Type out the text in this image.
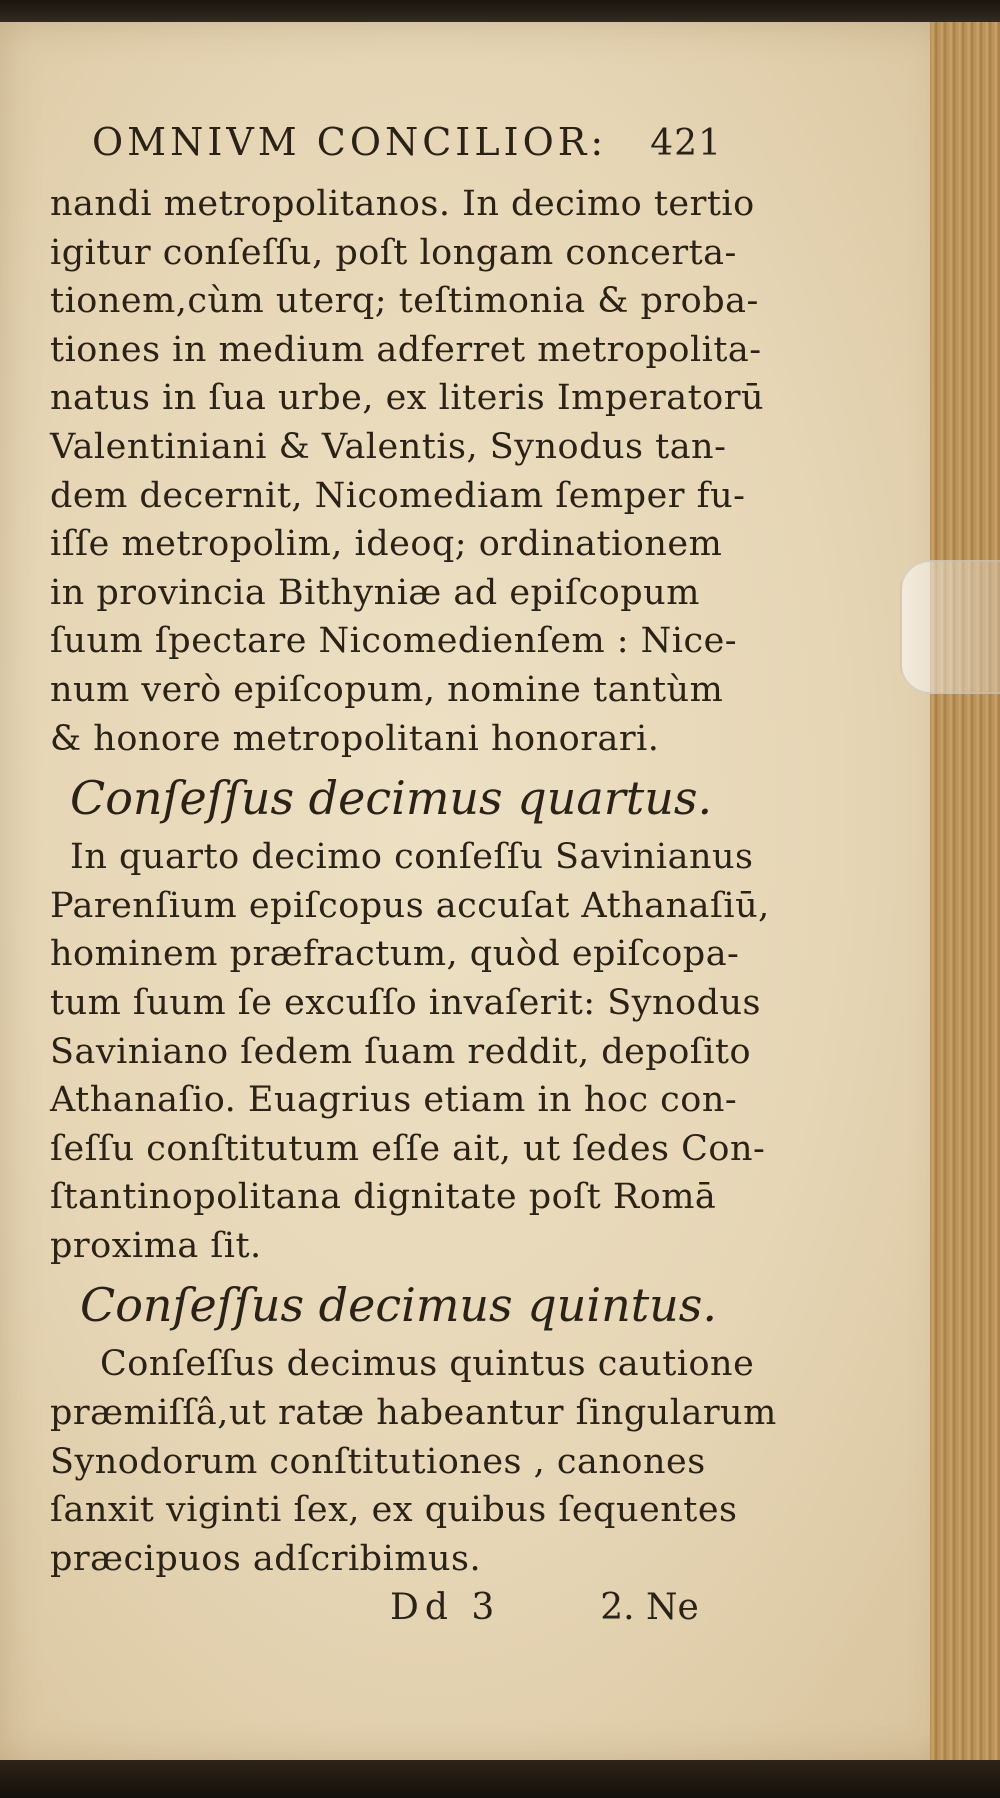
OMNIVM CONCILIOR: 421

nandi metropolitanos. In decimo tertio

igitur conſeſſu, poſt longam concerta-

tionem,cùm uterq; teſtimonia & proba-

tiones in medium adferret metropolita-

natus in ſua urbe, ex literis Imperatorū

Valentiniani & Valentis, Synodus tan-

dem decernit, Nicomediam ſemper fu-

iſſe metropolim, ideoq; ordinationem

in provincia Bithyniæ ad epiſcopum

ſuum ſpectare Nicomedienſem : Nice-

num verò epiſcopum, nomine tantùm

& honore metropolitani honorari.

Conſeſſus decimus quartus.

In quarto decimo conſeſſu Savinianus

Parenſium epiſcopus accuſat Athanaſiū,

hominem præfractum, quòd epiſcopa-

tum ſuum ſe excuſſo invaſerit: Synodus

Saviniano ſedem ſuam reddit, depoſito

Athanaſio. Euagrius etiam in hoc con-

ſeſſu conſtitutum eſſe ait, ut ſedes Con-

ſtantinopolitana dignitate poſt Romā

proxima ſit.

Conſeſſus decimus quintus.

Conſeſſus decimus quintus cautione

præmiſſâ,ut ratæ habeantur ſingularum

Synodorum conſtitutiones , canones

ſanxit viginti ſex, ex quibus ſequentes

præcipuos adſcribimus.

Dd 3	2. Ne
